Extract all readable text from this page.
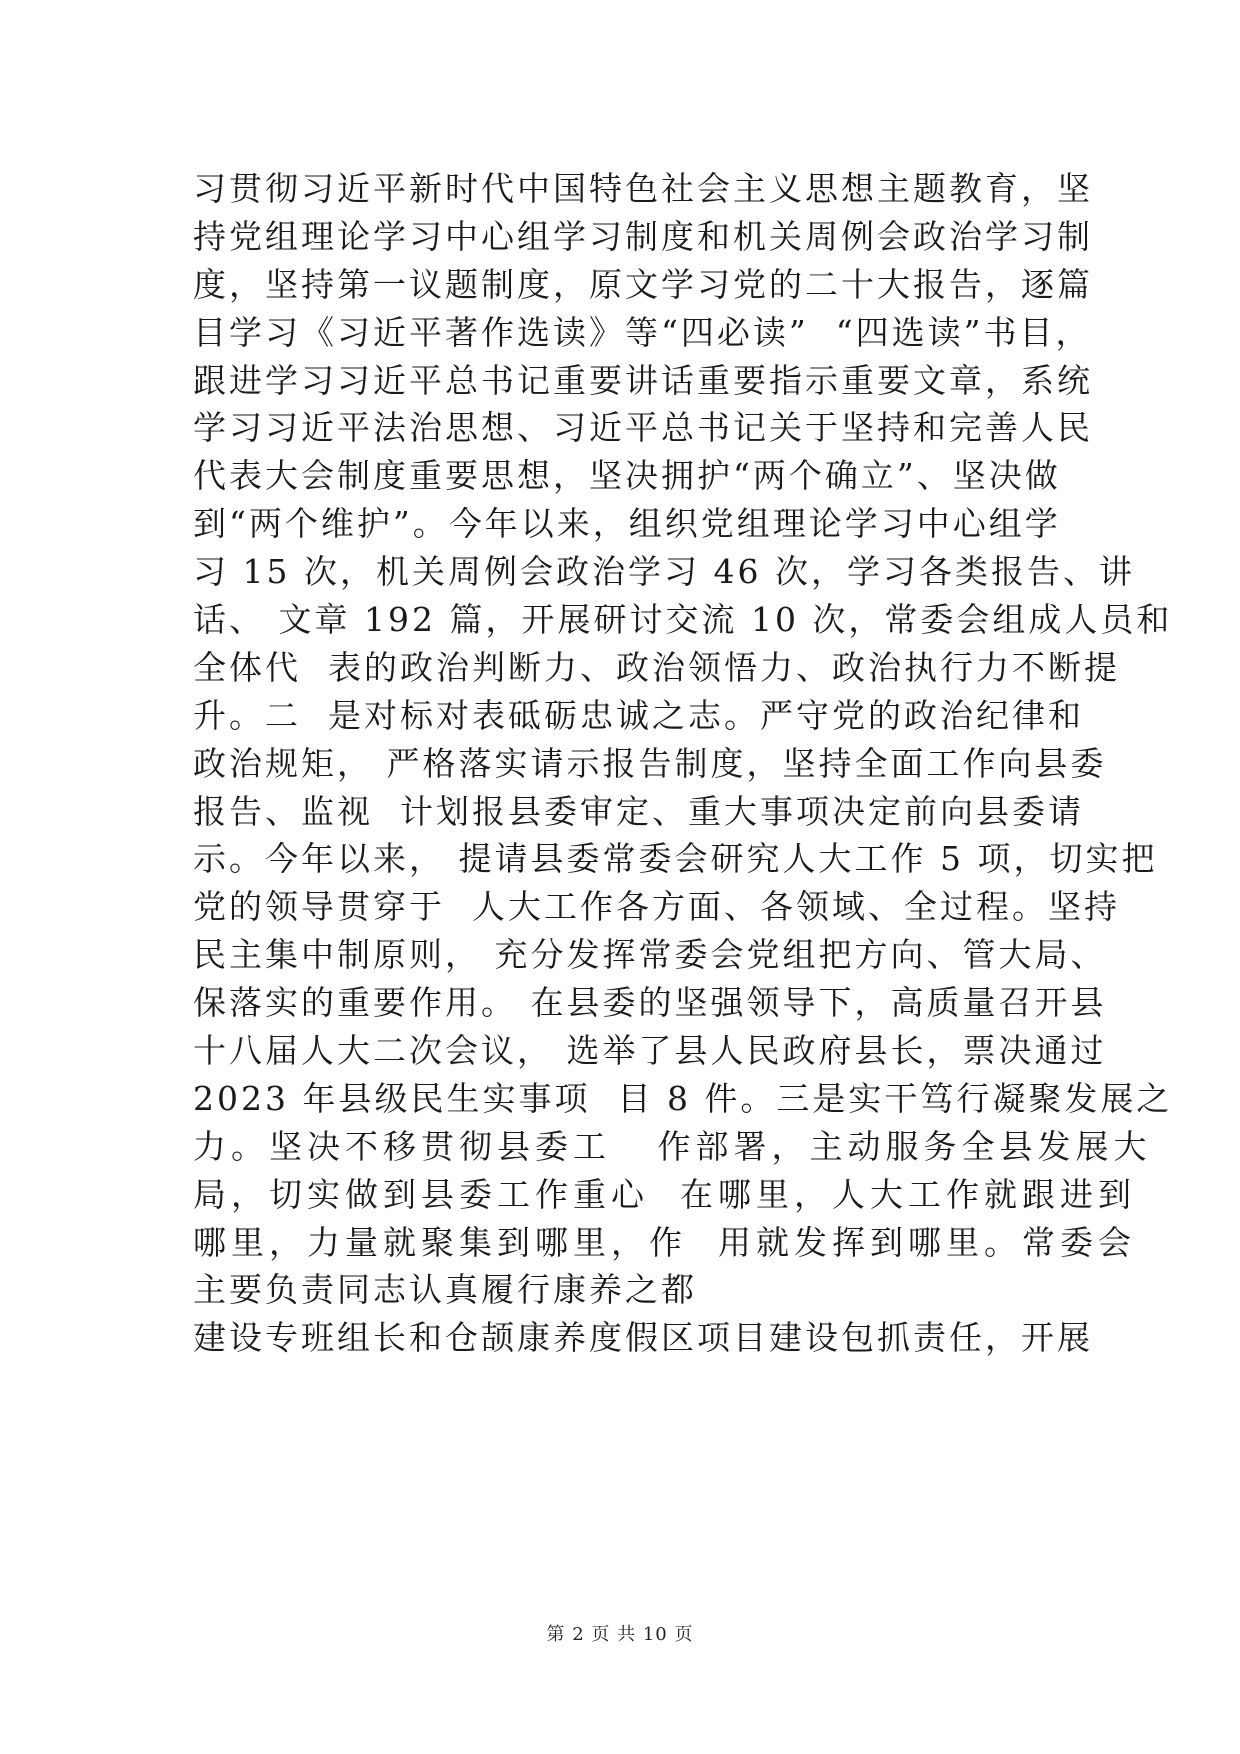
习贯彻习近平新时代中国特色社会主义思想主题教育，坚
持党组理论学习中心组学习制度和机关周例会政治学习制
度，坚持第一议题制度，原文学习党的二十大报告，逐篇
目学习《习近平著作选读》等“四必读”  “四选读”书目，
跟进学习习近平总书记重要讲话重要指示重要文章，系统
学习习近平法治思想、习近平总书记关于坚持和完善人民
代表大会制度重要思想，坚决拥护“两个确立”、坚决做
到“两个维护”。今年以来，组织党组理论学习中心组学
习 15 次，机关周例会政治学习 46 次，学习各类报告、讲
话、 文章 192 篇，开展研讨交流 10 次，常委会组成人员和
全体代  表的政治判断力、政治领悟力、政治执行力不断提
升。二  是对标对表砥砺忠诚之志。严守党的政治纪律和
政治规矩， 严格落实请示报告制度，坚持全面工作向县委
报告、监视  计划报县委审定、重大事项决定前向县委请
示。今年以来， 提请县委常委会研究人大工作 5 项，切实把
党的领导贯穿于  人大工作各方面、各领域、全过程。坚持
民主集中制原则， 充分发挥常委会党组把方向、管大局、
保落实的重要作用。 在县委的坚强领导下，高质量召开县
十八届人大二次会议， 选举了县人民政府县长，票决通过
2023 年县级民生实事项  目 8 件。三是实干笃行凝聚发展之
力。坚决不移贯彻县委工   作部署，主动服务全县发展大
局，切实做到县委工作重心  在哪里，人大工作就跟进到
哪里，力量就聚集到哪里，作  用就发挥到哪里。常委会
主要负责同志认真履行康养之都
建设专班组长和仓颉康养度假区项目建设包抓责任，开展
第 2 页 共 10 页
